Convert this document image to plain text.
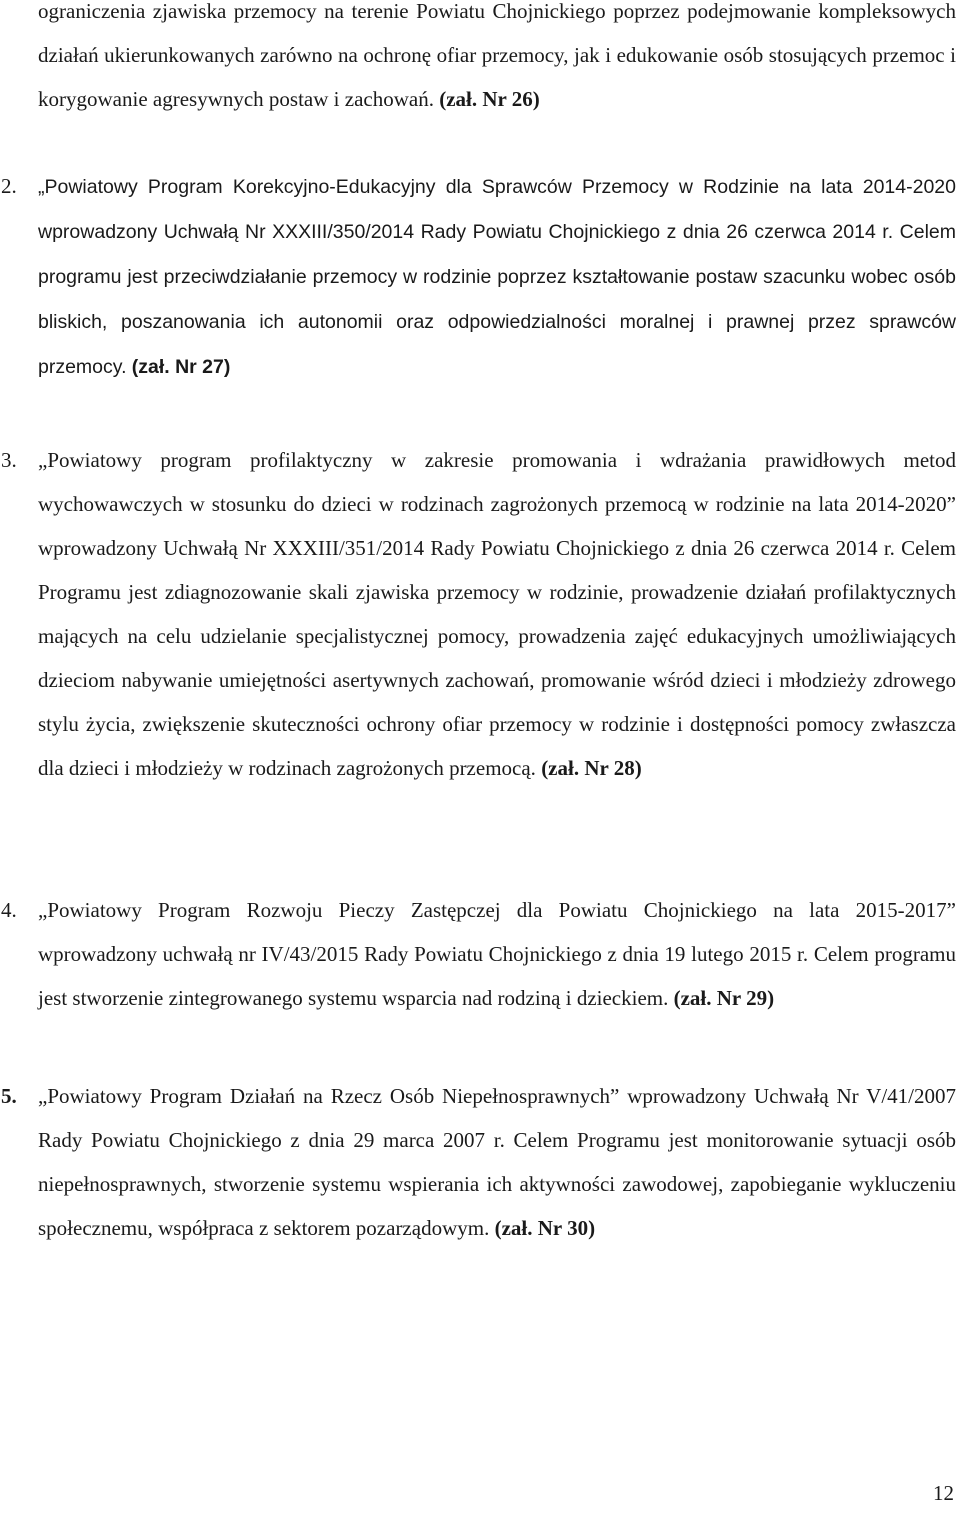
ograniczenia zjawiska przemocy na terenie Powiatu Chojnickiego poprzez podejmowanie kompleksowych działań ukierunkowanych zarówno na ochronę ofiar przemocy, jak i edukowanie osób stosujących przemoc i korygowanie agresywnych postaw i zachowań. (zał. Nr 26)

2. „Powiatowy Program Korekcyjno-Edukacyjny dla Sprawców Przemocy w Rodzinie na lata 2014-2020 wprowadzony Uchwałą Nr XXXIII/350/2014 Rady Powiatu Chojnickiego z dnia 26 czerwca 2014 r. Celem programu jest przeciwdziałanie przemocy w rodzinie poprzez kształtowanie postaw szacunku wobec osób bliskich, poszanowania ich autonomii oraz odpowiedzialności moralnej i prawnej przez sprawców przemocy. (zał. Nr 27)
3. „Powiatowy program profilaktyczny w zakresie promowania i wdrażania prawidłowych metod wychowawczych w stosunku do dzieci w rodzinach zagrożonych przemocą w rodzinie na lata 2014-2020” wprowadzony Uchwałą Nr XXXIII/351/2014 Rady Powiatu Chojnickiego z dnia 26 czerwca 2014 r. Celem Programu jest zdiagnozowanie skali zjawiska przemocy w rodzinie, prowadzenie działań profilaktycznych mających na celu udzielanie specjalistycznej pomocy, prowadzenia zajęć edukacyjnych umożliwiających dzieciom nabywanie umiejętności asertywnych zachowań, promowanie wśród dzieci i młodzieży zdrowego stylu życia, zwiększenie skuteczności ochrony ofiar przemocy w rodzinie i dostępności pomocy zwłaszcza dla dzieci i młodzieży w rodzinach zagrożonych przemocą. (zał. Nr 28)
4. „Powiatowy Program Rozwoju Pieczy Zastępczej dla Powiatu Chojnickiego na lata 2015-2017” wprowadzony uchwałą nr IV/43/2015 Rady Powiatu Chojnickiego z dnia 19 lutego 2015 r. Celem programu jest stworzenie zintegrowanego systemu wsparcia nad rodziną i dzieckiem. (zał. Nr 29)
5. „Powiatowy Program Działań na Rzecz Osób Niepełnosprawnych” wprowadzony Uchwałą Nr V/41/2007 Rady Powiatu Chojnickiego z dnia 29 marca 2007 r. Celem Programu jest monitorowanie sytuacji osób niepełnosprawnych, stworzenie systemu wspierania ich aktywności zawodowej, zapobieganie wykluczeniu społecznemu, współpraca z sektorem pozarządowym. (zał. Nr 30)
12
